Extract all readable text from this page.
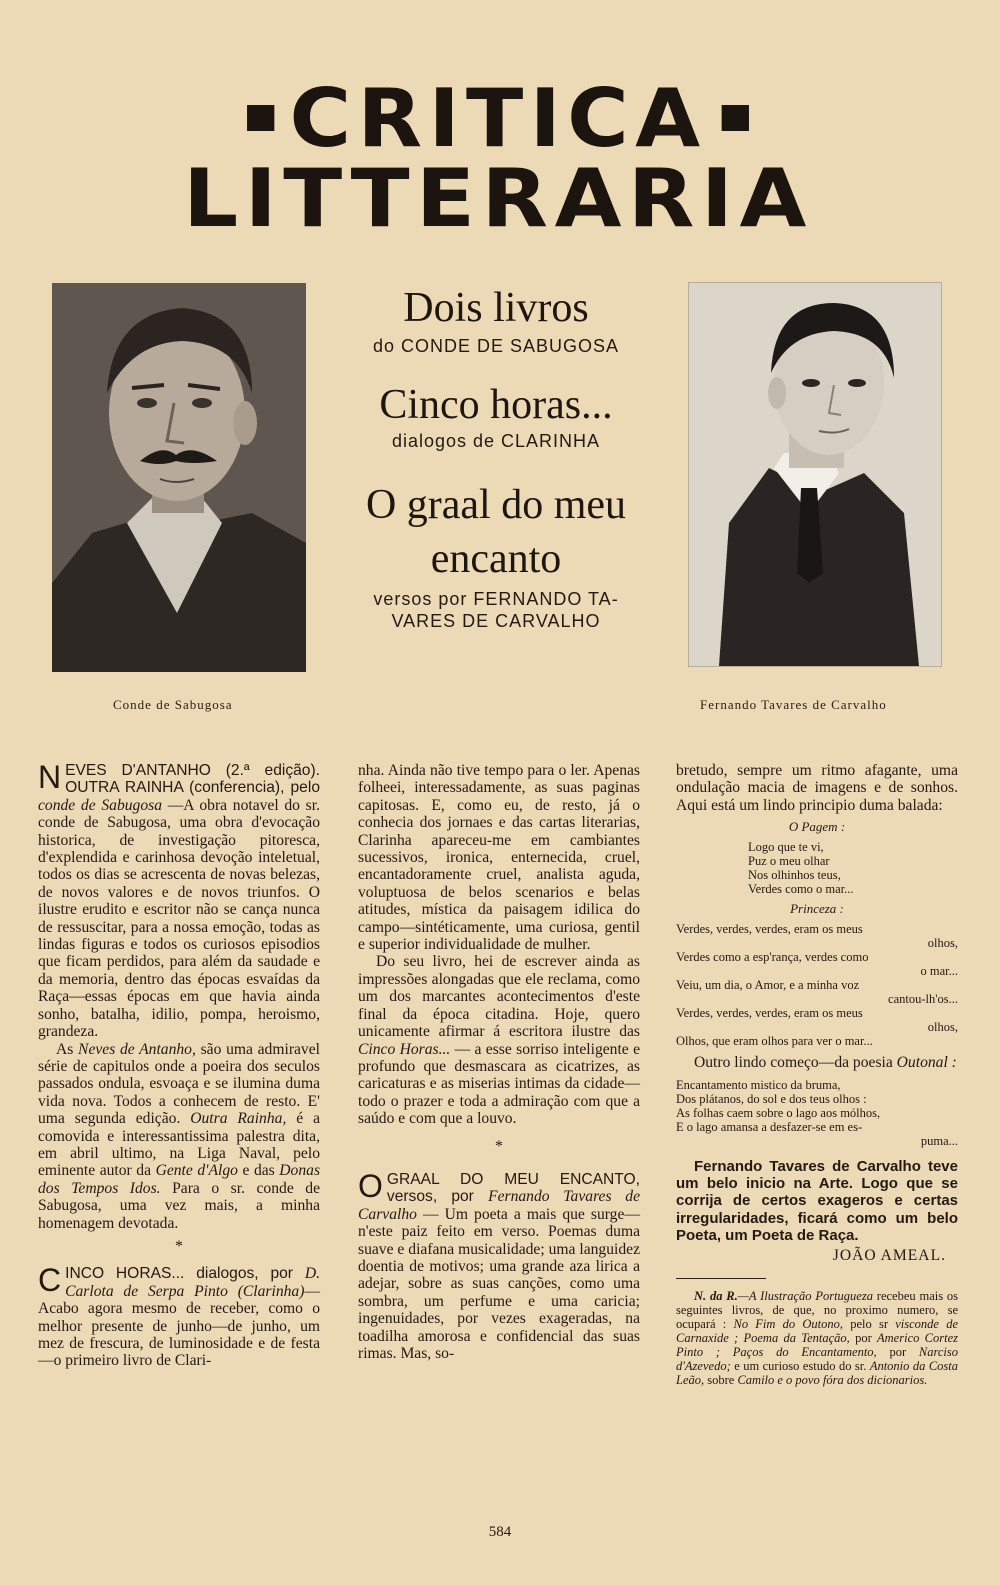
CRITICA
LITTERARIA
Conde de Sabugosa	Fernando Tavares de Carvalho
Dois livros
do CONDE DE SABUGOSA
Cinco horas...
dialogos de CLARINHA
O graal do meu
encanto
versos por FERNANDO TA-
VARES DE CARVALHO

NEVES D'ANTANHO (2.ª edição). OUTRA RAINHA (conferencia), pelo conde de Sabugosa —A obra notavel do sr. conde de Sabugosa, uma obra d'evocação historica, de investigação pitoresca, d'explendida e carinhosa devoção inteletual, todos os dias se acrescenta de novas belezas, de novos valores e de novos triunfos. O ilustre erudito e escritor não se cança nunca de ressuscitar, para a nossa emoção, todas as lindas figuras e todos os curiosos episodios que ficam perdidos, para além da saudade e da memoria, dentro das épocas esvaídas da Raça—essas épocas em que havia ainda sonho, batalha, idilio, pompa, heroismo, grandeza.

As Neves de Antanho, são uma admiravel série de capitulos onde a poeira dos seculos passados ondula, esvoaça e se ilumina duma vida nova. Todos a conhecem de resto. E' uma segunda edição. Outra Rainha, é a comovida e interessantissima palestra dita, em abril ultimo, na Liga Naval, pelo eminente autor da Gente d'Algo e das Donas dos Tempos Idos. Para o sr. conde de Sabugosa, uma vez mais, a minha homenagem devotada.

*

CINCO HORAS... dialogos, por D. Carlota de Serpa Pinto (Clarinha)—Acabo agora mesmo de receber, como o melhor presente de junho—de junho, um mez de frescura, de luminosidade e de festa—o primeiro livro de Clari-

nha. Ainda não tive tempo para o ler. Apenas folheei, interessadamente, as suas paginas capitosas. E, como eu, de resto, já o conhecia dos jornaes e das cartas literarias, Clarinha apareceu-me em cambiantes sucessivos, ironica, enternecida, cruel, encantadoramente cruel, analista aguda, voluptuosa de belos scenarios e belas atitudes, mística da paisagem idilica do campo—sintéticamente, uma curiosa, gentil e superior individualidade de mulher.

Do seu livro, hei de escrever ainda as impressões alongadas que ele reclama, como um dos marcantes acontecimentos d'este final da época citadina. Hoje, quero unicamente afirmar á escritora ilustre das Cinco Horas... — a esse sorriso inteligente e profundo que desmascara as cicatrizes, as caricaturas e as miserias intimas da cidade—todo o prazer e toda a admiração com que a saúdo e com que a louvo.

*

OGRAAL DO MEU ENCANTO, versos, por Fernando Tavares de Carvalho — Um poeta a mais que surge—n'este paiz feito em verso. Poemas duma suave e diafana musicalidade; uma languidez doentia de motivos; uma grande aza lirica a adejar, sobre as suas canções, como uma sombra, um perfume e uma caricia; ingenuidades, por vezes exageradas, na toadilha amorosa e confidencial das suas rimas. Mas, so-

bretudo, sempre um ritmo afagante, uma ondulação macia de imagens e de sonhos. Aqui está um lindo principio duma balada:

O Pagem :
Logo que te vi,
Puz o meu olhar
Nos olhinhos teus,
Verdes como o mar...
Princeza :
Verdes, verdes, verdes, eram os meus
olhos,
Verdes como a esp'rança, verdes como
o mar...
Veiu, um dia, o Amor, e a minha voz
cantou-lh'os...
Verdes, verdes, verdes, eram os meus
olhos,
Olhos, que eram olhos para ver o mar...

Outro lindo começo—da poesia Outonal :

Encantamento mistico da bruma,
Dos plátanos, do sol e dos teus olhos :
As folhas caem sobre o lago aos mólhos,
E o lago amansa a desfazer-se em es-
puma...

Fernando Tavares de Carvalho teve um belo inicio na Arte. Logo que se corrija de certos exageros e certas irregularidades, ficará como um belo Poeta, um Poeta de Raça.

JOÃO AMEAL.

N. da R.—A Ilustração Portugueza recebeu mais os seguintes livros, de que, no proximo numero, se ocupará : No Fim do Outono, pelo sr visconde de Carnaxide ; Poema da Tentação, por Americo Cortez Pinto ; Paços do Encantamento, por Narciso d'Azevedo; e um curioso estudo do sr. Antonio da Costa Leão, sobre Camilo e o povo fóra dos dicionarios.

584
